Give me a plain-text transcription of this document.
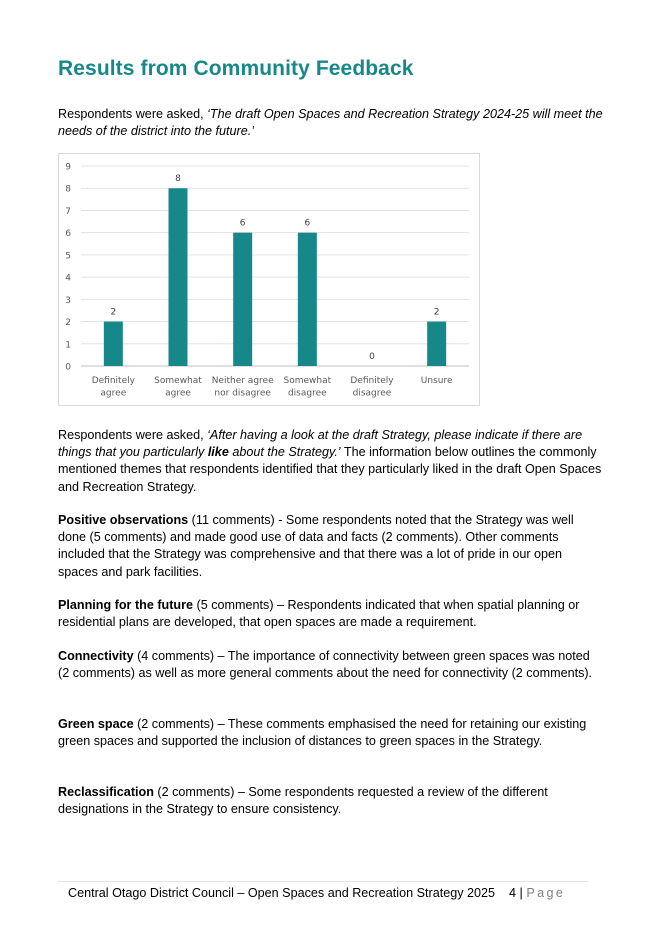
Results from Community Feedback

Respondents were asked, ‘The draft Open Spaces and Recreation Strategy 2024-25 will meet the needs of the district into the future.’

0
1
2
3
4
5
6
7
8
9
2
Definitely
agree
8
Somewhat
agree
6
Neither agree
nor disagree
6
Somewhat
disagree
0
Definitely
disagree
2
Unsure

Respondents were asked, ‘After having a look at the draft Strategy, please indicate if there are things that you particularly like about the Strategy.’ The information below outlines the commonly mentioned themes that respondents identified that they particularly liked in the draft Open Spaces and Recreation Strategy.

Positive observations (11 comments) - Some respondents noted that the Strategy was well done (5 comments) and made good use of data and facts (2 comments). Other comments included that the Strategy was comprehensive and that there was a lot of pride in our open spaces and park facilities.

Planning for the future (5 comments) – Respondents indicated that when spatial planning or residential plans are developed, that open spaces are made a requirement.

Connectivity (4 comments) – The importance of connectivity between green spaces was noted (2 comments) as well as more general comments about the need for connectivity (2 comments).

Green space (2 comments) – These comments emphasised the need for retaining our existing green spaces and supported the inclusion of distances to green spaces in the Strategy.

Reclassification (2 comments) – Some respondents requested a review of the different designations in the Strategy to ensure consistency.

Central Otago District Council – Open Spaces and Recreation Strategy 2025 4 | Page
